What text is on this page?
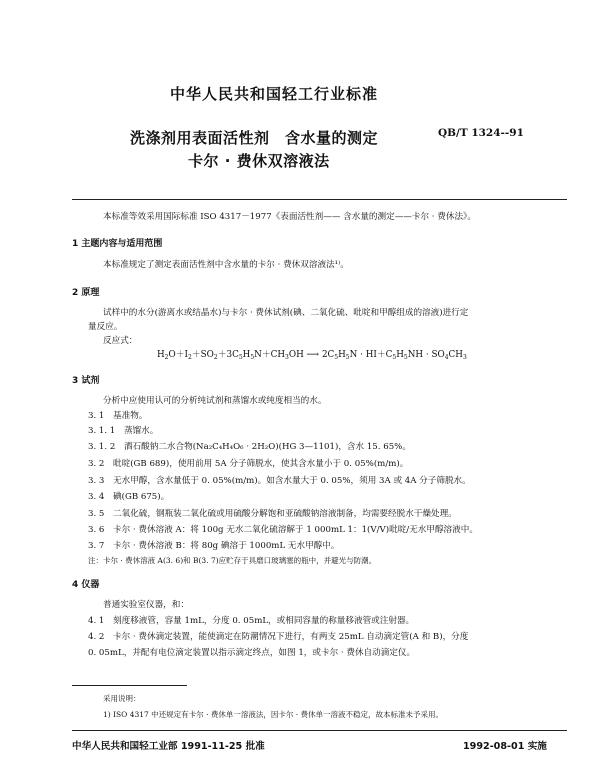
中华人民共和国轻工行业标准
洗涤剂用表面活性剂　含水量的测定	QB/T 1324--91
卡尔 · 费休双溶液法
本标准等效采用国际标准 ISO 4317－1977《表面活性剂—— 含水量的测定——卡尔 · 费休法》。
1 主题内容与适用范围
本标准规定了测定表面活性剂中含水量的卡尔 · 费休双溶液法¹⁾。
2 原理
试样中的水分(游离水或结晶水)与卡尔 · 费休试剂(碘、二氧化硫、吡啶和甲醇组成的溶液)进行定
量反应。
反应式：
$H_2O+I_2+SO_2+3C_5H_5N+CH_3OH$ ⟶ $2C_5H_5N \cdot HI+C_5H_5NH \cdot SO_4CH_3$
3 试剂
分析中应使用认可的分析纯试剂和蒸馏水或纯度相当的水。
3. 1　 基准物。
3. 1. 1　 蒸馏水。
3. 1. 2　 酒石酸钠二水合物(Na₂C₄H₄O₆ · 2H₂O)(HG 3—1101)，含水 15. 65%。
3. 2　 吡啶(GB 689)，使用前用 5A 分子筛脱水，使其含水量小于 0. 05%(m/m)。
3. 3　 无水甲醇，含水量低于 0. 05%(m/m)。如含水量大于 0. 05%，须用 3A 或 4A 分子筛脱水。
3. 4　 碘(GB 675)。
3. 5　 二氧化硫，钢瓶装二氧化硫或用硫酸分解饱和亚硫酸钠溶液制备，均需要经脱水干燥处理。
3. 6　 卡尔 · 费休溶液 A：将 100g 无水二氧化硫溶解于 1 000mL 1：1(V/V)吡啶/无水甲醇溶液中。
3. 7　 卡尔 · 费休溶液 B：将 80g 碘溶于 1000mL 无水甲醇中。
注：卡尔 · 费休溶液 A(3. 6)和 B(3. 7)应贮存于具磨口玻璃塞的瓶中，并避光与防潮。
4 仪器
普通实验室仪器，和：
4. 1　 刻度移液管，容量 1mL，分度 0. 05mL，或相同容量的称量移液管或注射器。
4. 2　 卡尔 · 费休滴定装置，能使滴定在防潮情况下进行，有两支 25mL 自动滴定管(A 和 B)，分度
0. 05mL，并配有电位滴定装置以指示滴定终点，如图 1，或卡尔 · 费休自动滴定仪。
采用说明：
1) ISO 4317 中还规定有卡尔 · 费休单一溶液法，因卡尔 · 费休单一溶液不稳定，故本标准未予采用。
中华人民共和国轻工业部 1991-11-25 批准	1992-08-01 实施
